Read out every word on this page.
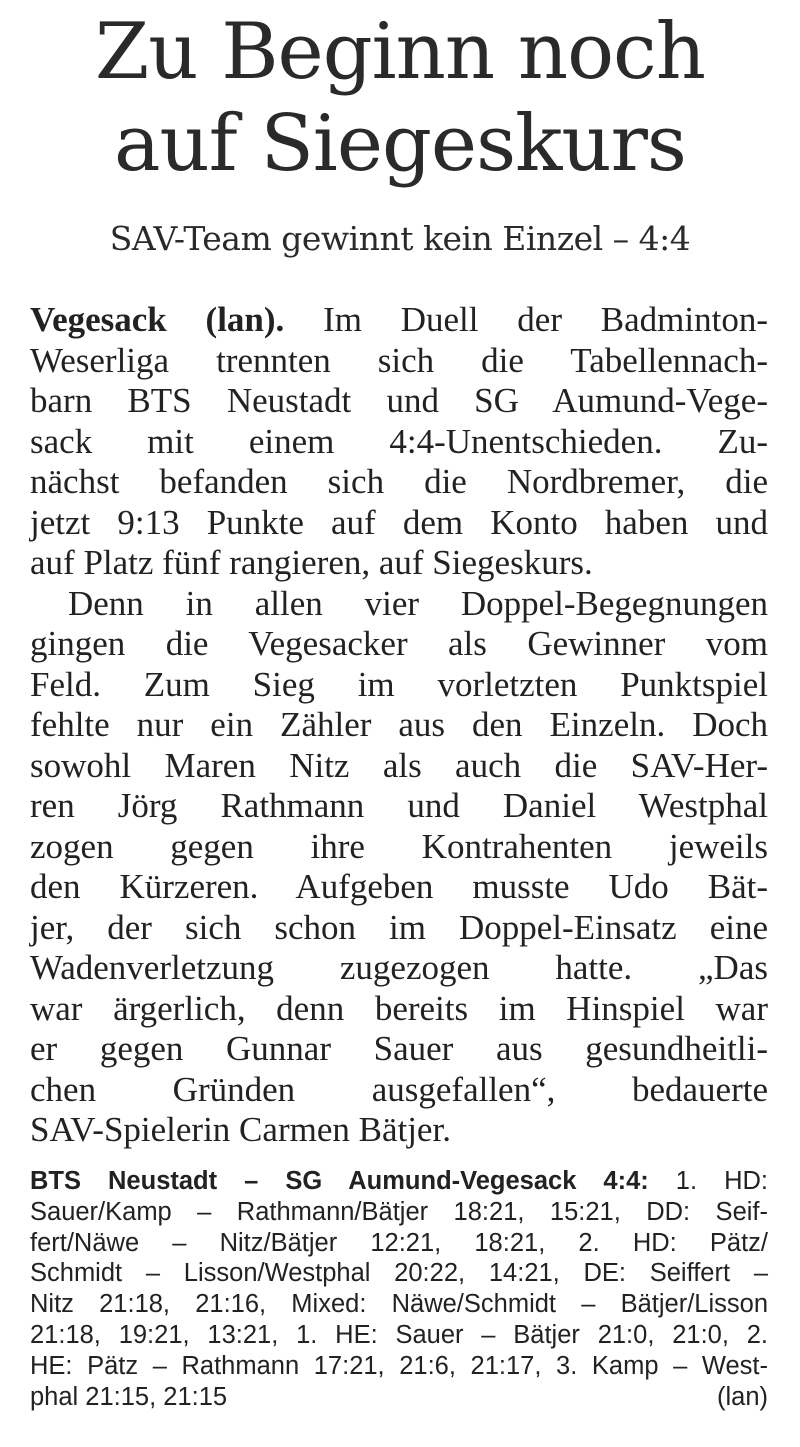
Zu Beginn noch
auf Siegeskurs
SAV-Team gewinnt kein Einzel – 4:4
Vegesack (lan). Im Duell der Badminton-
Weserliga trennten sich die Tabellennach-
barn BTS Neustadt und SG Aumund-Vege-
sack mit einem 4:4-Unentschieden. Zu-
nächst befanden sich die Nordbremer, die
jetzt 9:13 Punkte auf dem Konto haben und
auf Platz fünf rangieren, auf Siegeskurs.
Denn in allen vier Doppel-Begegnungen
gingen die Vegesacker als Gewinner vom
Feld. Zum Sieg im vorletzten Punktspiel
fehlte nur ein Zähler aus den Einzeln. Doch
sowohl Maren Nitz als auch die SAV-Her-
ren Jörg Rathmann und Daniel Westphal
zogen gegen ihre Kontrahenten jeweils
den Kürzeren. Aufgeben musste Udo Bät-
jer, der sich schon im Doppel-Einsatz eine
Wadenverletzung zugezogen hatte. „Das
war ärgerlich, denn bereits im Hinspiel war
er gegen Gunnar Sauer aus gesundheitli-
chen Gründen ausgefallen“, bedauerte
SAV-Spielerin Carmen Bätjer.
BTS Neustadt – SG Aumund-Vegesack 4:4: 1. HD:
Sauer/Kamp – Rathmann/Bätjer 18:21, 15:21, DD: Seif-
fert/Näwe – Nitz/Bätjer 12:21, 18:21, 2. HD: Pätz/
Schmidt – Lisson/Westphal 20:22, 14:21, DE: Seiffert –
Nitz 21:18, 21:16, Mixed: Näwe/Schmidt – Bätjer/Lisson
21:18, 19:21, 13:21, 1. HE: Sauer – Bätjer 21:0, 21:0, 2.
HE: Pätz – Rathmann 17:21, 21:6, 21:17, 3. Kamp – West-
phal 21:15, 21:15	(lan)
